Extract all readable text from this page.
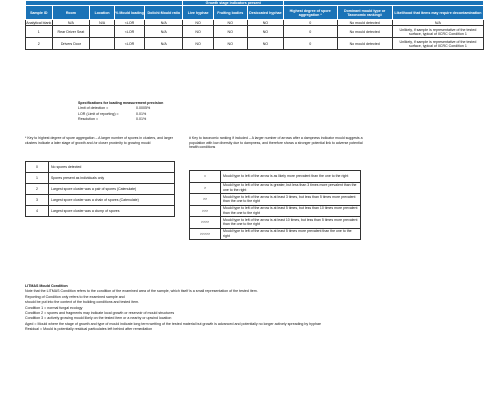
					Growth stage indicators present					
Sample ID	Room	Location	% Mould loading	Dolichi:Mould ratio	Live hyphae	Fruiting bodies	Desiccated hyphae	Highest degree of spore aggregation *	Dominant mould type or Taxonomic ranking#	Likelihood that items may require decontamination
Analytical blank	N/A	N/A	<LOR	N/A	NO	NO	NO	0	No mould detected	N/A
1	Rear Driver Seat		<LOR	N/A	NO	NO	NO	0	No mould detected	Unlikely, if sample is representative of the tested surface, typical of IICRC Condition 1
2	Drivers Door		<LOR	N/A	NO	NO	NO	0	No mould detected	Unlikely, if sample is representative of the tested surface, typical of IICRC Condition 1
Specifications for loading measurement precision
Limit of detection =	0.0005%
LOR (Limit of reporting) =	0.01%
Resolution =	0.01%
* Key to highest degree of spore aggregation – A larger number of spores in clusters, and larger clusters indicate a later stage of growth and /or closer proximity to growing mould
0	No spores detected
1	Spores present as individuals only
2	Largest spore cluster was a pair of spores (Catenulate)
3	Largest spore cluster was a chain of spores (Catenulate)
4	Largest spore cluster was a clump of spores
# Key to taxonomic ranking if included – A larger number of arrows after a dampness indicator mould suggests a population with low diversity due to dampness, and therefore shows a stronger potential link to adverse potential health conditions
=	Mould type to left of the arrow is as likely more prevalent than the one to the right
>	Mould type to left of the arrow is greater, but less than 3 times more prevalent than the one to the right
>>	Mould type to left of the arrow is at least 3 times, but less than 5 times more prevalent than the one to the right
>>>	Mould type to left of the arrow is at least 5 times, but less than 10 times more prevalent than the one to the right
>>>>	Mould type to left of the arrow is at least 10 times, but less than 5 times more prevalent than the one to the right
>>>>>	Mould type to left of the arrow is at least 5 times more prevalent than the one to the right
LITMAS Mould Condition
Note that the LITMAS Condition refers to the condition of the examined area of the sample, which itself is a small representation of the tested item.
Reporting of Condition only refers to the examined sample and
should be put into the context of the building conditions and tested item.
Condition 1 = normal fungal ecology
Condition 2 = spores and fragments may indicate local growth or reservoir of mould structures
Condition 3 = actively growing mould likely on the tested item or a nearby or upwind location
Aged = Mould where the stage of growth and type of mould indicate long term wetting of the tested material but growth is advanced and potentially no longer actively spreading by hyphae
Residual = Mould is potentially residual particulates left behind after remediation
